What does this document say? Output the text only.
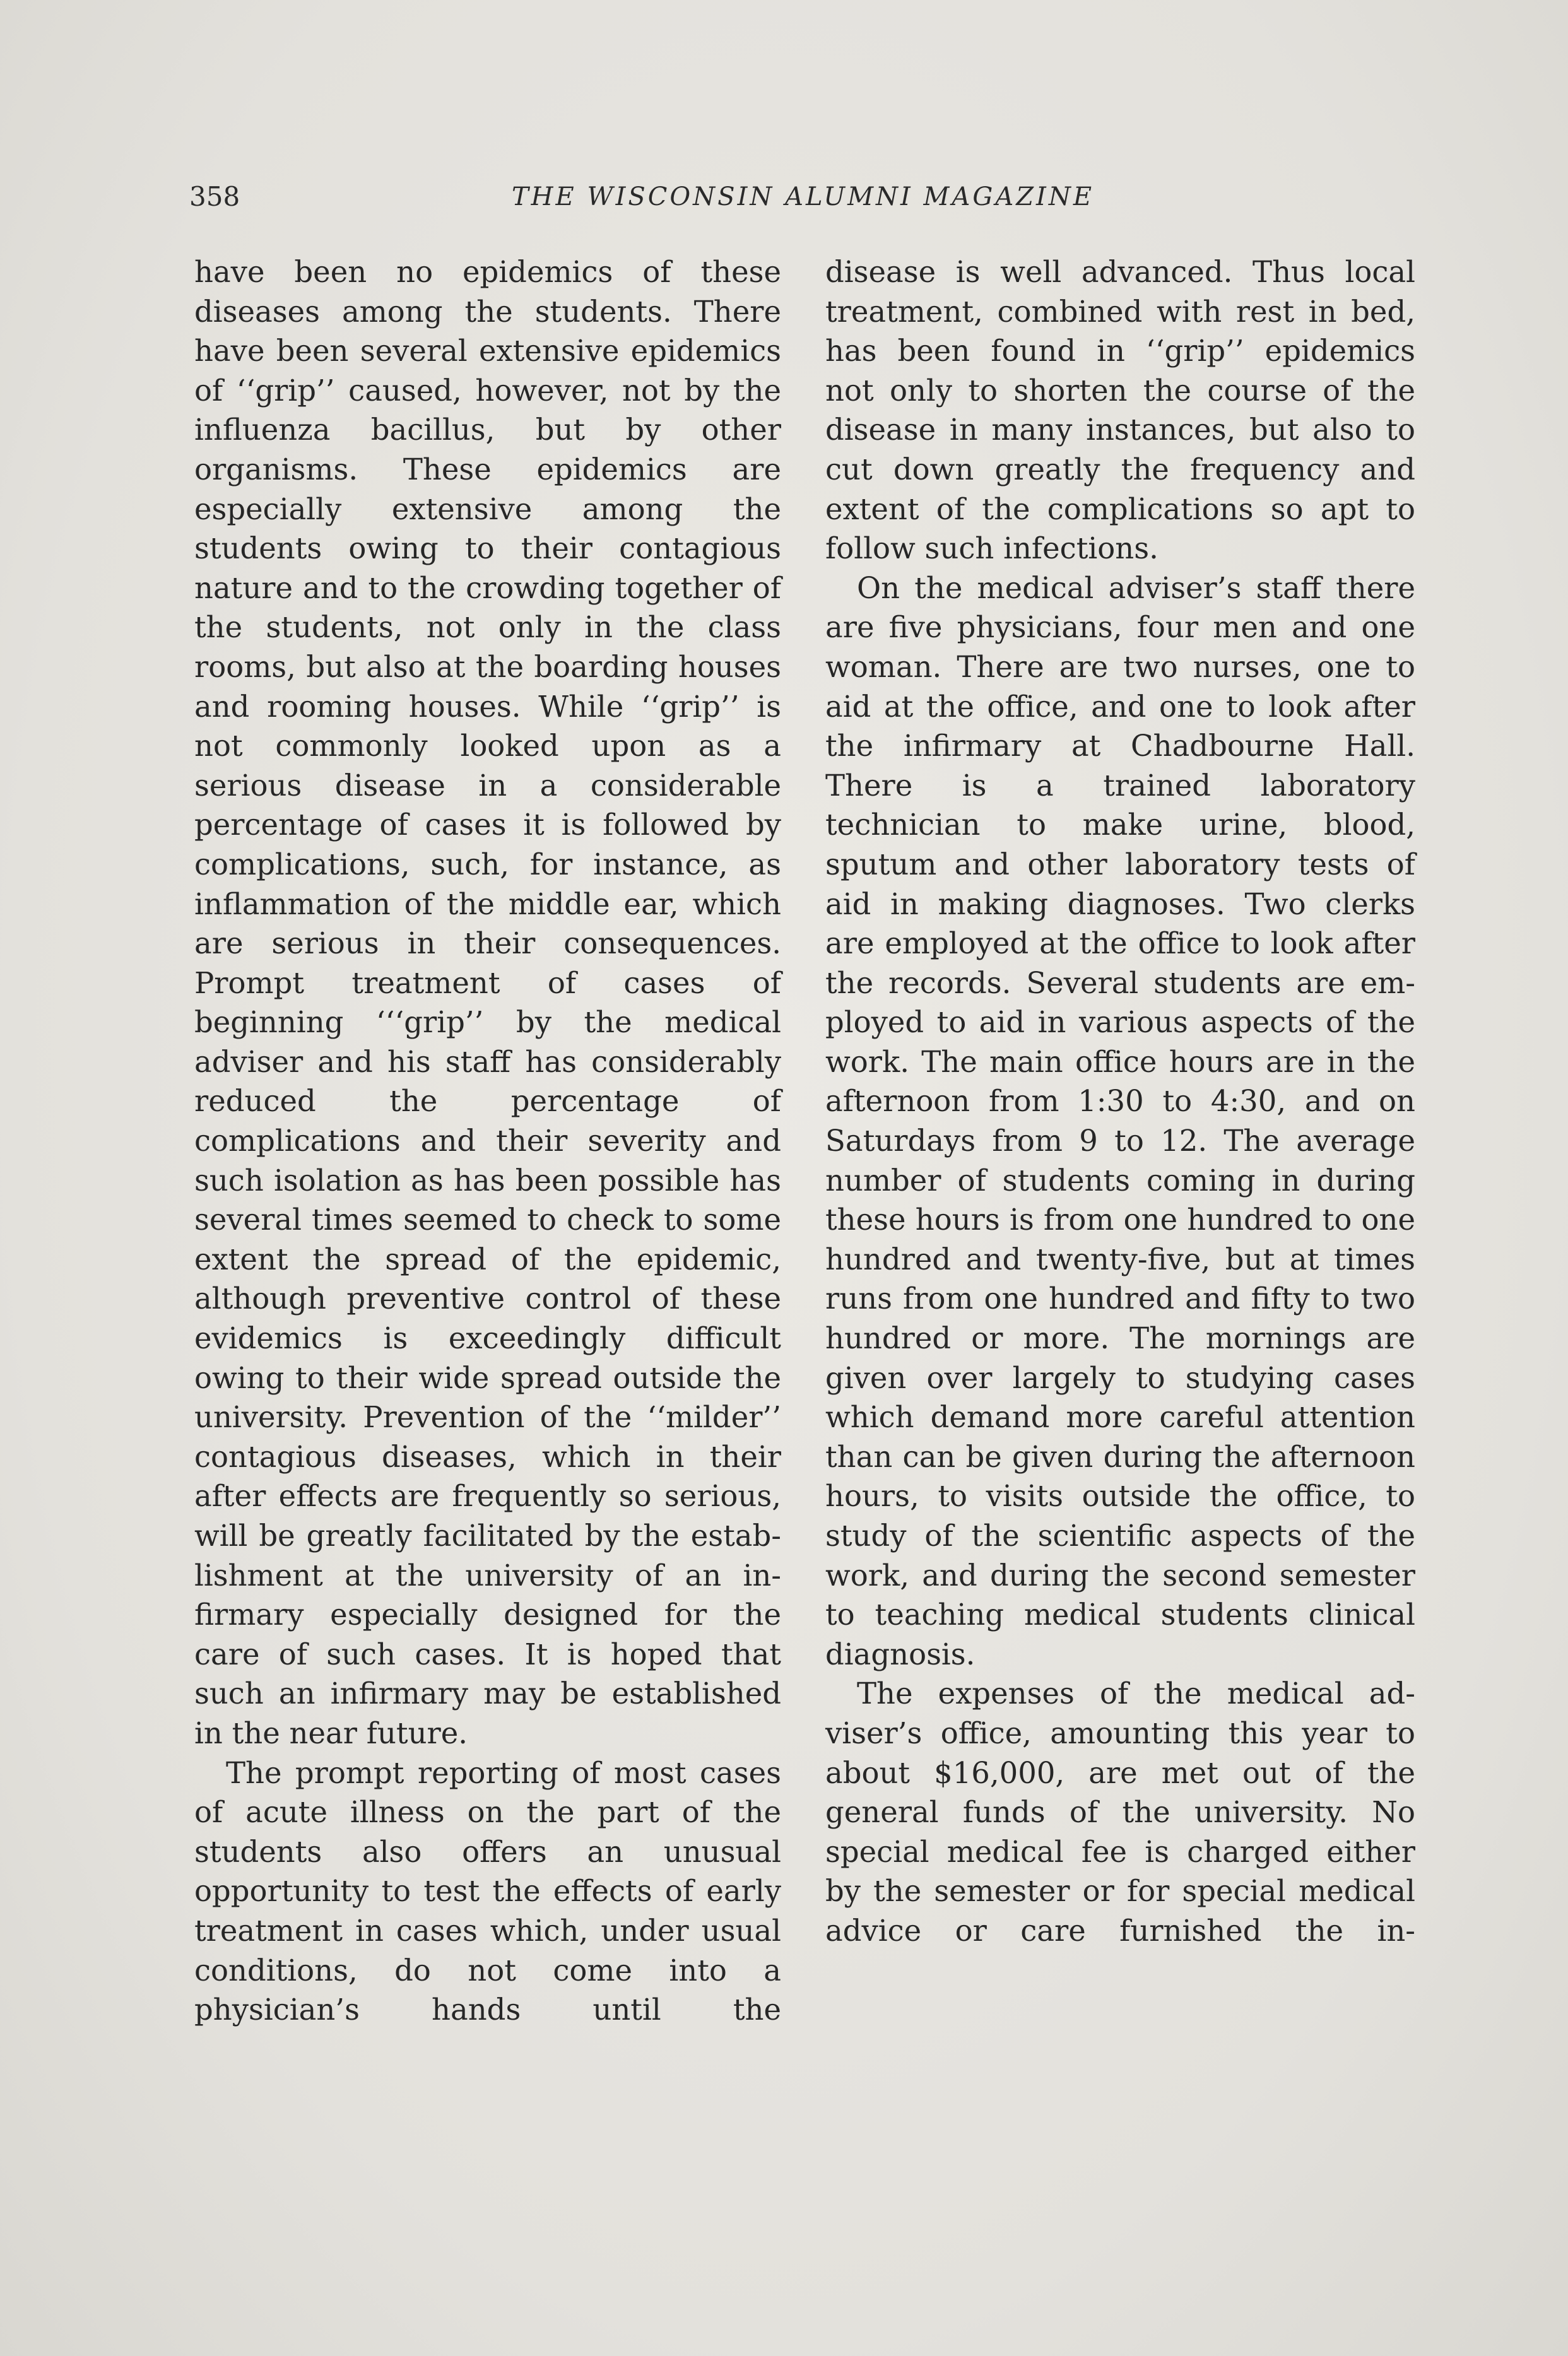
358	THE WISCONSIN ALUMNI MAGAZINE

have been no epidemics of these diseases among the students. There have been several extensive epidemics of ‘‘grip’’ caused, however, not by the influenza bacillus, but by other organisms. These epidemics are especially extensive among the students owing to their contagious nature and to the crowding together of the students, not only in the class rooms, but also at the boarding houses and rooming houses. While ‘‘grip’’ is not commonly looked upon as a serious disease in a considerable percentage of cases it is followed by complications, such, for instance, as inflammation of the middle ear, which are serious in their consequences. Prompt treatment of cases of beginning ‘‘‘grip’’ by the medical adviser and his staff has considerably reduced the percentage of complications and their severity and such isolation as has been possible has several times seemed to check to some extent the spread of the epidemic, although preventive control of these evidemics is exceedingly difficult owing to their wide spread outside the university. Prevention of the ‘‘milder’’ contagious diseases, which in their after effects are frequently so serious, will be greatly facilitated by the establishment at the university of an infirmary especially designed for the care of such cases. It is hoped that such an infirmary may be established in the near future.

The prompt reporting of most cases of acute illness on the part of the students also offers an unusual opportunity to test the effects of early treatment in cases which, under usual conditions, do not come into a physician’s hands until the

disease is well advanced. Thus local treatment, combined with rest in bed, has been found in ‘‘grip’’ epidemics not only to shorten the course of the disease in many instances, but also to cut down greatly the frequency and extent of the complications so apt to follow such infections.

On the medical adviser’s staff there are five physicians, four men and one woman. There are two nurses, one to aid at the office, and one to look after the infirmary at Chadbourne Hall. There is a trained laboratory technician to make urine, blood, sputum and other laboratory tests of aid in making diagnoses. Two clerks are employed at the office to look after the records. Several students are employed to aid in various aspects of the work. The main office hours are in the afternoon from 1:30 to 4:30, and on Saturdays from 9 to 12. The average number of students coming in during these hours is from one hundred to one hundred and twenty-five, but at times runs from one hundred and fifty to two hundred or more. The mornings are given over largely to studying cases which demand more careful attention than can be given during the afternoon hours, to visits outside the office, to study of the scientific aspects of the work, and during the second semester to teaching medical students clinical diagnosis.

The expenses of the medical adviser’s office, amounting this year to about $16,000, are met out of the general funds of the university. No special medical fee is charged either by the semester or for special medical advice or care furnished the in-
